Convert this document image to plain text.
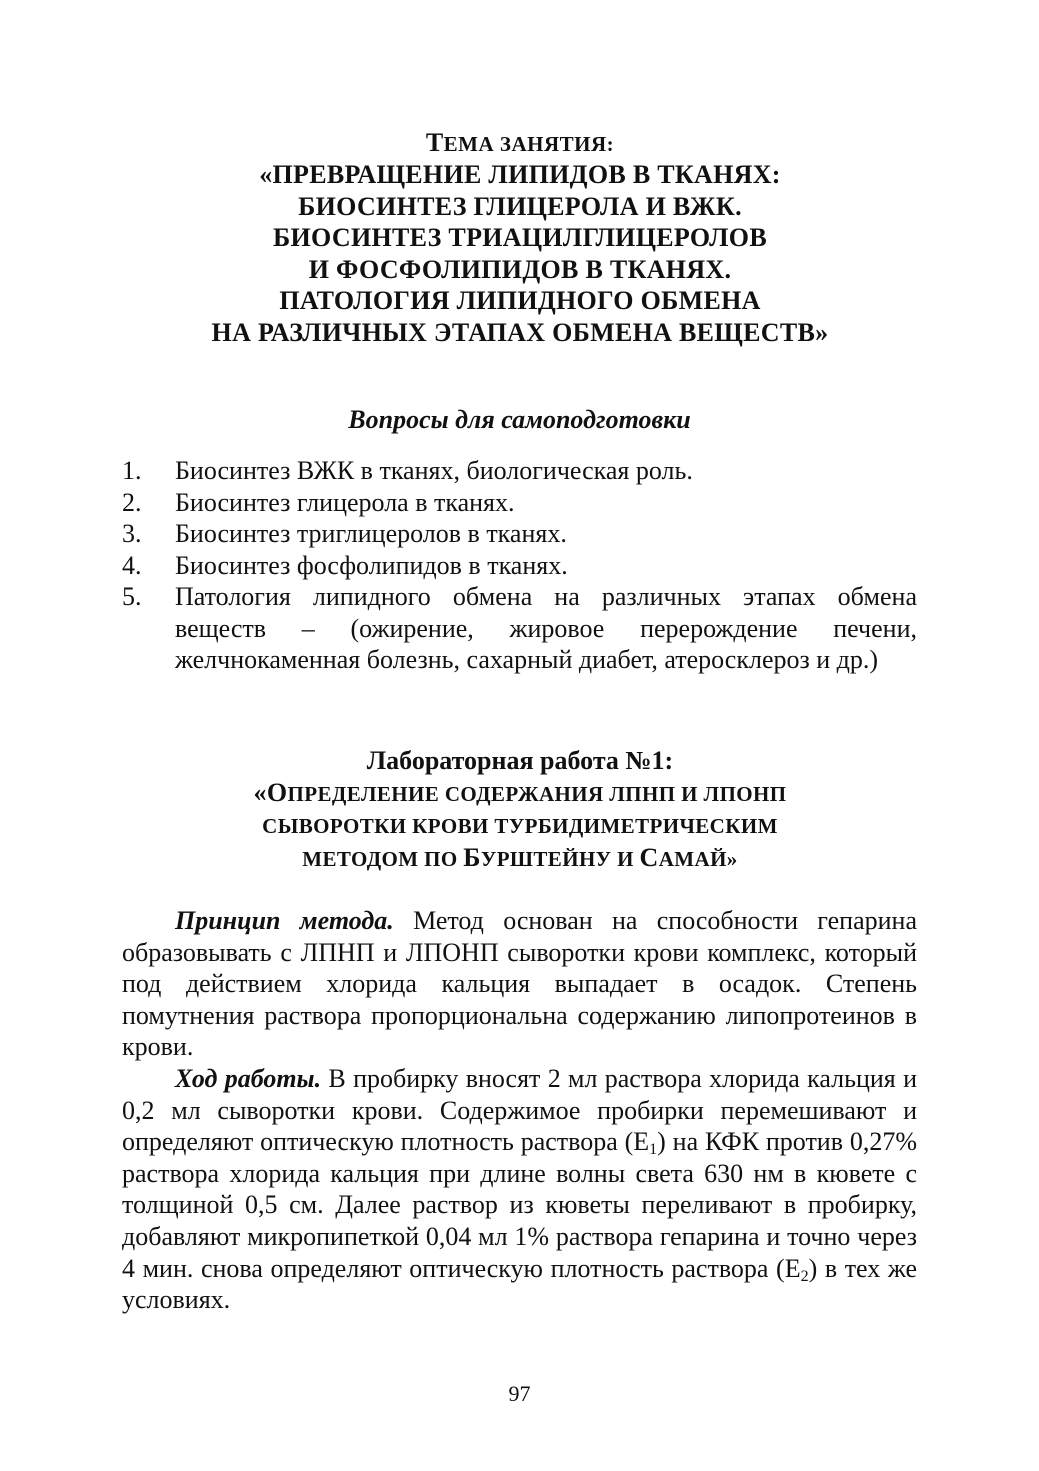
ТЕМА ЗАНЯТИЯ:
«ПРЕВРАЩЕНИЕ ЛИПИДОВ В ТКАНЯХ:
БИОСИНТЕЗ ГЛИЦЕРОЛА И ВЖК.
БИОСИНТЕЗ ТРИАЦИЛГЛИЦЕРОЛОВ
И ФОСФОЛИПИДОВ В ТКАНЯХ.
ПАТОЛОГИЯ ЛИПИДНОГО ОБМЕНА
НА РАЗЛИЧНЫХ ЭТАПАХ ОБМЕНА ВЕЩЕСТВ»
Вопросы для самоподготовки
1. Биосинтез ВЖК в тканях, биологическая роль.
2. Биосинтез глицерола в тканях.
3. Биосинтез триглицеролов в тканях.
4. Биосинтез фосфолипидов в тканях.
5. Патология липидного обмена на различных этапах обмена веществ – (ожирение, жировое перерождение печени, желчнокаменная болезнь, сахарный диабет, атеросклероз и др.)
Лабораторная работа №1:
«ОПРЕДЕЛЕНИЕ СОДЕРЖАНИЯ ЛПНП И ЛПОНП
СЫВОРОТКИ КРОВИ ТУРБИДИМЕТРИЧЕСКИМ
МЕТОДОМ ПО БУРШТЕЙНУ И САМАЙ»

Принцип метода. Метод основан на способности гепарина образовывать с ЛПНП и ЛПОНП сыворотки крови комплекс, который под действием хлорида кальция выпадает в осадок. Степень помутнения раствора пропорциональна содержанию липопротеинов в крови.

Ход работы. В пробирку вносят 2 мл раствора хлорида кальция и 0,2 мл сыворотки крови. Содержимое пробирки перемешивают и определяют оптическую плотность раствора $(Е_1)$ на КФК против 0,27% раствора хлорида кальция при длине волны света 630 нм в кювете с толщиной 0,5 см. Далее раствор из кюветы переливают в пробирку, добавляют микропипеткой 0,04 мл 1% раствора гепарина и точно через 4 мин. снова определяют оптическую плотность раствора $(Е_2)$ в тех же условиях.

97
